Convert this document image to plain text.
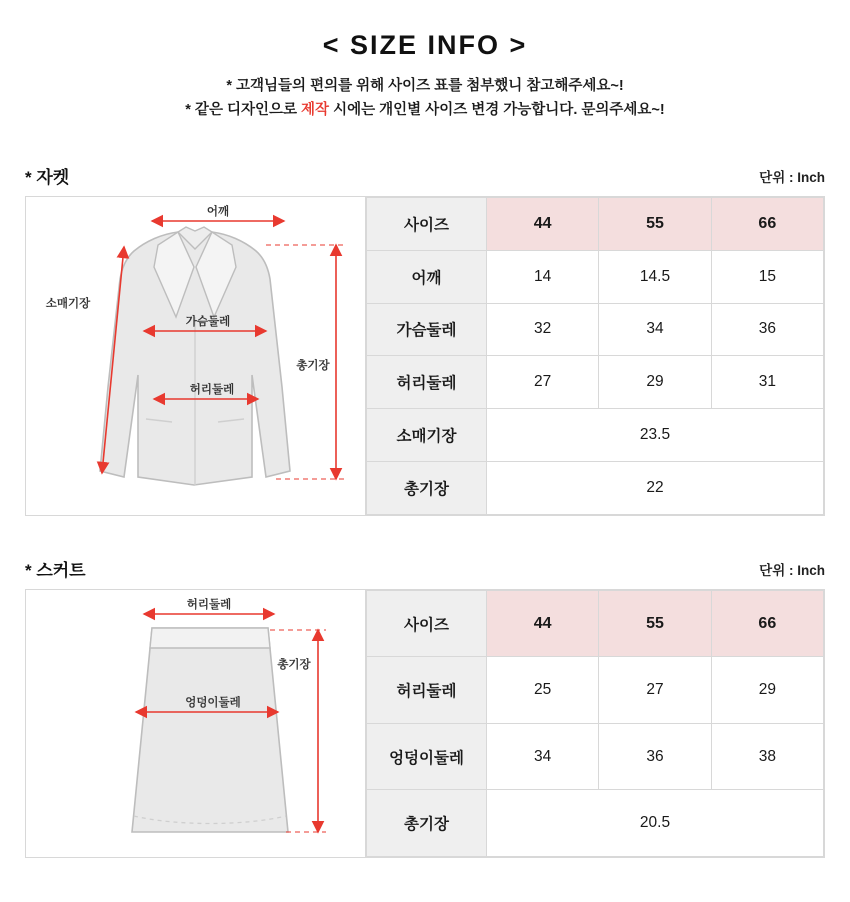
< SIZE INFO >
* 고객님들의 편의를 위해 사이즈 표를 첨부했니 참고해주세요~!
* 같은 디자인으로 제작 시에는 개인별 사이즈 변경 가능합니다. 문의주세요~!
* 자켓	단위 : Inch
어깨
소매기장
가슴둘레
허리둘레
총기장
사이즈	44	55	66
어깨	14	14.5	15
가슴둘레	32	34	36
허리둘레	27	29	31
소매기장	23.5		
총기장	22		
* 스커트	단위 : Inch
허리둘레
엉덩이둘레
총기장
사이즈	44	55	66
허리둘레	25	27	29
엉덩이둘레	34	36	38
총기장	20.5		
